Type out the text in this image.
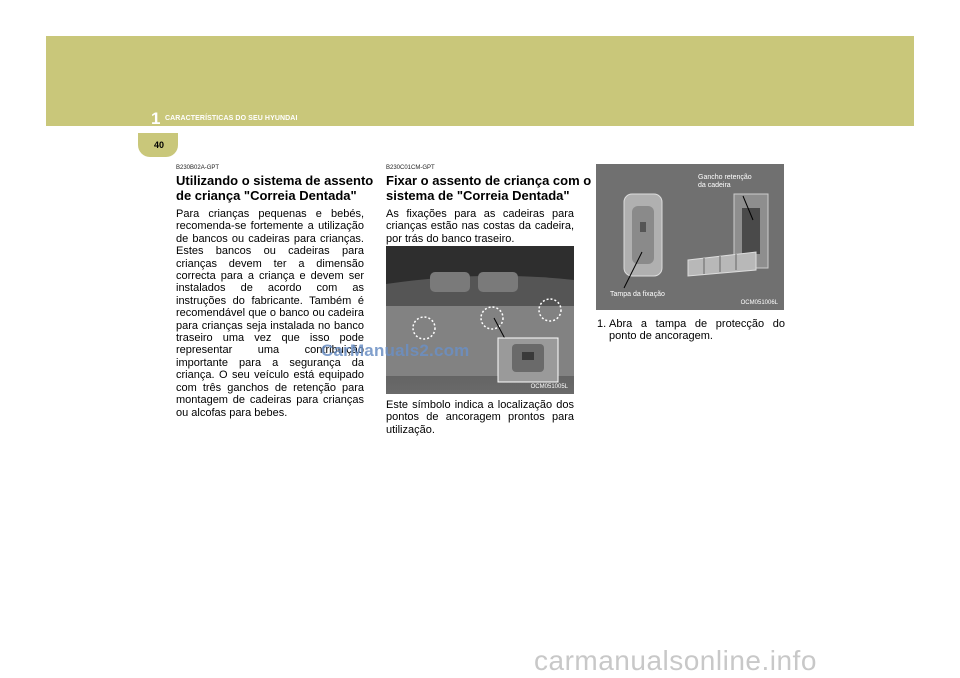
1 CARACTERÍSTICAS DO SEU HYUNDAI
40
B230B02A-GPT
Utilizando o sistema de assento
de criança "Correia Dentada"
Para crianças pequenas e bebés, recomenda-se fortemente a utilização de bancos ou cadeiras para crianças. Estes bancos ou cadeiras para crianças devem ter a dimensão correcta para a criança e devem ser instalados de acordo com as instruções do fabricante. Também é recomendável que o banco ou cadeira para crianças seja instalada no banco traseiro uma vez que isso pode representar uma contribuição importante para a segurança da criança. O seu veículo está equipado com três ganchos de retenção para montagem de cadeiras para crianças ou alcofas para bebes.
B230C01CM-GPT
Fixar o assento de criança com o
sistema de "Correia Dentada"
As fixações para as cadeiras para crianças estão nas costas da cadeira, por trás do banco traseiro.
OCM051005L
Este símbolo indica a localização dos pontos de ancoragem prontos para utilização.
Gancho retenção
da cadeira
Tampa da fixação
OCM051006L
1. Abra a tampa de protecção do ponto de ancoragem.
CarManuals2.com
carmanualsonline.info
